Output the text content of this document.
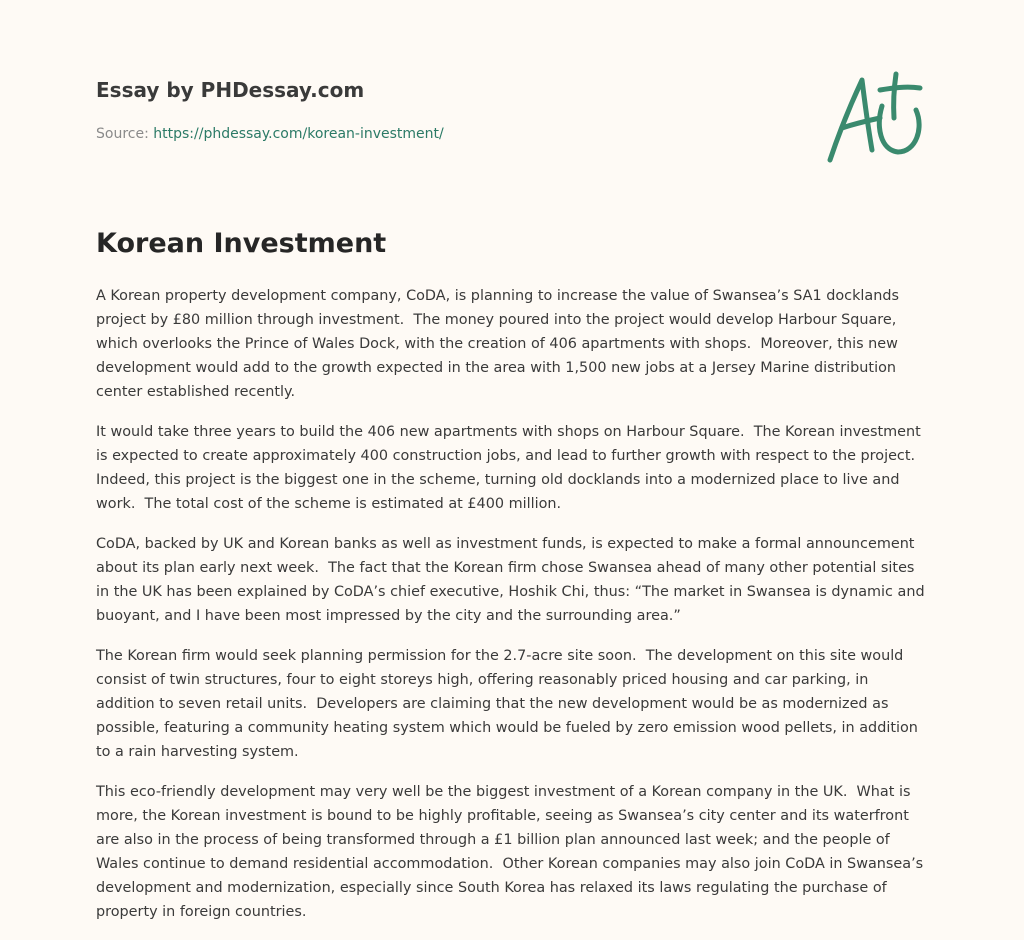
Essay by PHDessay.com
Source: https://phdessay.com/korean-investment/
Korean Investment

A Korean property development company, CoDA, is planning to increase the value of Swansea’s SA1 docklands project by £80 million through investment.  The money poured into the project would develop Harbour Square, which overlooks the Prince of Wales Dock, with the creation of 406 apartments with shops.  Moreover, this new development would add to the growth expected in the area with 1,500 new jobs at a Jersey Marine distribution center established recently.

It would take three years to build the 406 new apartments with shops on Harbour Square.  The Korean investment is expected to create approximately 400 construction jobs, and lead to further growth with respect to the project.  Indeed, this project is the biggest one in the scheme, turning old docklands into a modernized place to live and work.  The total cost of the scheme is estimated at £400 million.

CoDA, backed by UK and Korean banks as well as investment funds, is expected to make a formal announcement about its plan early next week.  The fact that the Korean firm chose Swansea ahead of many other potential sites in the UK has been explained by CoDA’s chief executive, Hoshik Chi, thus: “The market in Swansea is dynamic and buoyant, and I have been most impressed by the city and the surrounding area.”

The Korean firm would seek planning permission for the 2.7-acre site soon.  The development on this site would consist of twin structures, four to eight storeys high, offering reasonably priced housing and car parking, in addition to seven retail units.  Developers are claiming that the new development would be as modernized as possible, featuring a community heating system which would be fueled by zero emission wood pellets, in addition to a rain harvesting system.

This eco-friendly development may very well be the biggest investment of a Korean company in the UK.  What is more, the Korean investment is bound to be highly profitable, seeing as Swansea’s city center and its waterfront are also in the process of being transformed through a £1 billion plan announced last week; and the people of Wales continue to demand residential accommodation.  Other Korean companies may also join CoDA in Swansea’s development and modernization, especially since South Korea has relaxed its laws regulating the purchase of property in foreign countries.
